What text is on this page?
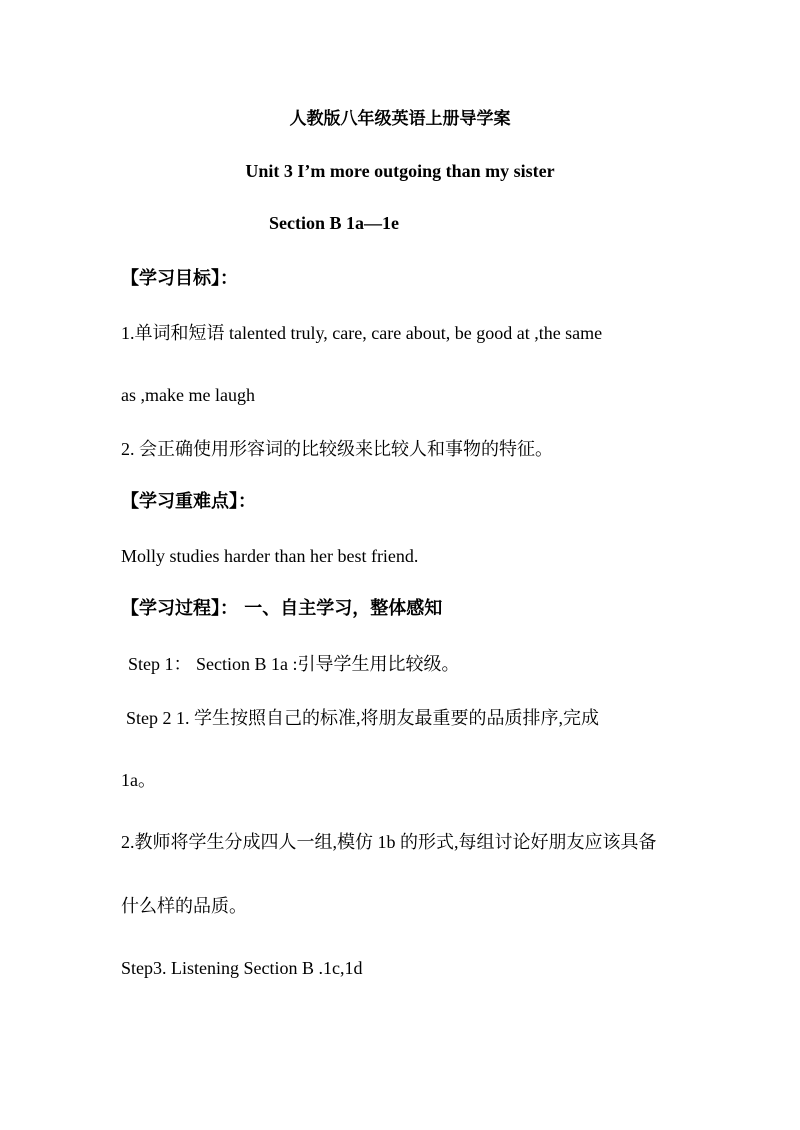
人教版八年级英语上册导学案
Unit 3 I’m more outgoing than my sister
Section B 1a—1e
【学习目标】：
1.单词和短语 talented truly, care, care about, be good at ,the same
as ,make me laugh
2. 会正确使用形容词的比较级来比较人和事物的特征。
【学习重难点】：
Molly studies harder than her best friend.
【学习过程】： 一、自主学习，整体感知
Step 1： Section B 1a :引导学生用比较级。
Step 2 1. 学生按照自己的标准,将朋友最重要的品质排序,完成
1a。
2.教师将学生分成四人一组,模仿 1b 的形式,每组讨论好朋友应该具备
什么样的品质。
Step3. Listening Section B .1c,1d
